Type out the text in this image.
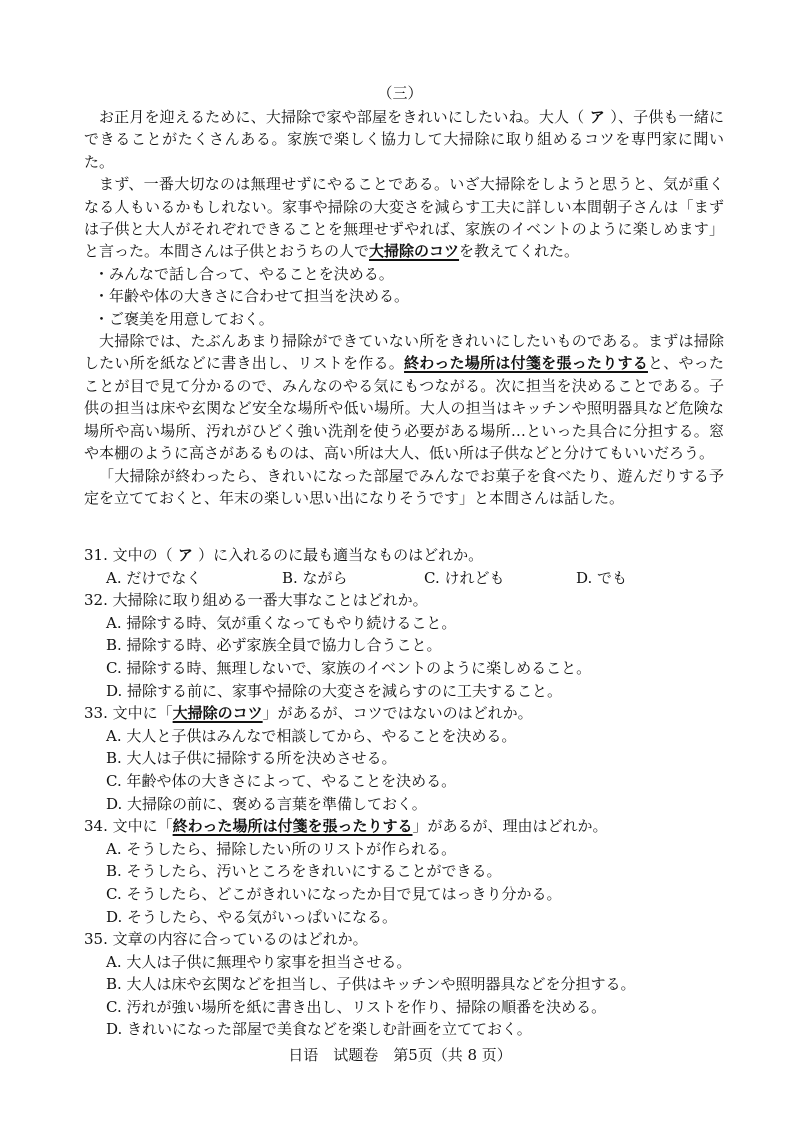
（三）

お正月を迎えるために、大掃除で家や部屋をきれいにしたいね。大人（ ア ）、子供も一緒にできることがたくさんある。家族で楽しく協力して大掃除に取り組めるコツを専門家に聞いた。

まず、一番大切なのは無理せずにやることである。いざ大掃除をしようと思うと、気が重くなる人もいるかもしれない。家事や掃除の大変さを減らす工夫に詳しい本間朝子さんは「まずは子供と大人がそれぞれできることを無理せずやれば、家族のイベントのように楽しめます」と言った。本間さんは子供とおうちの人で大掃除のコツを教えてくれた。

・みんなで話し合って、やることを決める。

・年齢や体の大きさに合わせて担当を決める。

・ご褒美を用意しておく。

大掃除では、たぶんあまり掃除ができていない所をきれいにしたいものである。まずは掃除したい所を紙などに書き出し、リストを作る。終わった場所は付箋を張ったりすると、やったことが目で見て分かるので、みんなのやる気にもつながる。次に担当を決めることである。子供の担当は床や玄関など安全な場所や低い場所。大人の担当はキッチンや照明器具など危険な場所や高い場所、汚れがひどく強い洗剤を使う必要がある場所…といった具合に分担する。窓や本棚のように高さがあるものは、高い所は大人、低い所は子供などと分けてもいいだろう。

「大掃除が終わったら、きれいになった部屋でみんなでお菓子を食べたり、遊んだりする予定を立てておくと、年末の楽しい思い出になりそうです」と本間さんは話した。

31. 文中の（ ア ）に入れるのに最も適当なものはどれか。

A. だけでなく	B. ながら	C. けれども	D. でも

32. 大掃除に取り組める一番大事なことはどれか。

A. 掃除する時、気が重くなってもやり続けること。

B. 掃除する時、必ず家族全員で協力し合うこと。

C. 掃除する時、無理しないで、家族のイベントのように楽しめること。

D. 掃除する前に、家事や掃除の大変さを減らすのに工夫すること。

33. 文中に「大掃除のコツ」があるが、コツではないのはどれか。

A. 大人と子供はみんなで相談してから、やることを決める。

B. 大人は子供に掃除する所を決めさせる。

C. 年齢や体の大きさによって、やることを決める。

D. 大掃除の前に、褒める言葉を準備しておく。

34. 文中に「終わった場所は付箋を張ったりする」があるが、理由はどれか。

A. そうしたら、掃除したい所のリストが作られる。

B. そうしたら、汚いところをきれいにすることができる。

C. そうしたら、どこがきれいになったか目で見てはっきり分かる。

D. そうしたら、やる気がいっぱいになる。

35. 文章の内容に合っているのはどれか。

A. 大人は子供に無理やり家事を担当させる。

B. 大人は床や玄関などを担当し、子供はキッチンや照明器具などを分担する。

C. 汚れが強い場所を紙に書き出し、リストを作り、掃除の順番を決める。

D. きれいになった部屋で美食などを楽しむ計画を立てておく。

日语　试题卷　第5页（共 8 页）
